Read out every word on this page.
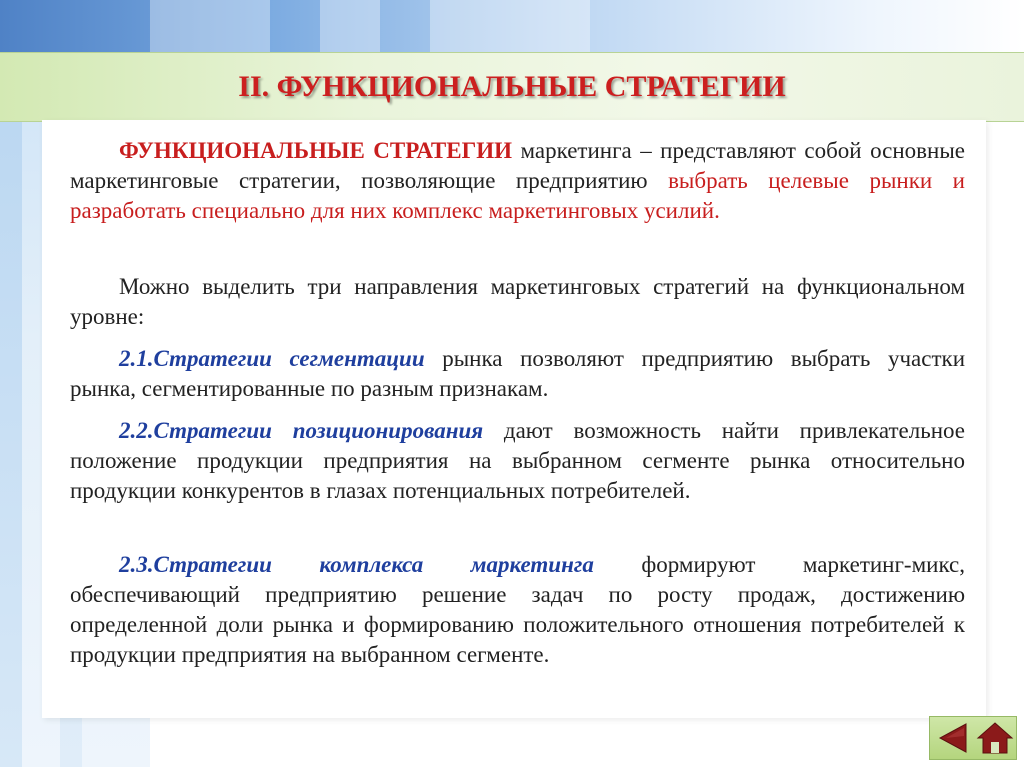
II. ФУНКЦИОНАЛЬНЫЕ СТРАТЕГИИ

ФУНКЦИОНАЛЬНЫЕ СТРАТЕГИИ маркетинга – представляют собой основные маркетинговые стратегии, позволяющие предприятию выбрать целевые рынки и разработать специально для них комплекс маркетинговых усилий.

Можно выделить три направления маркетинговых стратегий на функциональном уровне:

2.1.Стратегии сегментации рынка позволяют предприятию выбрать участки рынка, сегментированные по разным признакам.

2.2.Стратегии позиционирования дают возможность найти привлекательное положение продукции предприятия на выбранном сегменте рынка относительно продукции конкурентов в глазах потенциальных потребителей.

2.3.Стратегии комплекса маркетинга формируют маркетинг-микс, обеспечивающий предприятию решение задач по росту продаж, достижению определенной доли рынка и формированию положительного отношения потребителей к продукции предприятия на выбранном сегменте.
